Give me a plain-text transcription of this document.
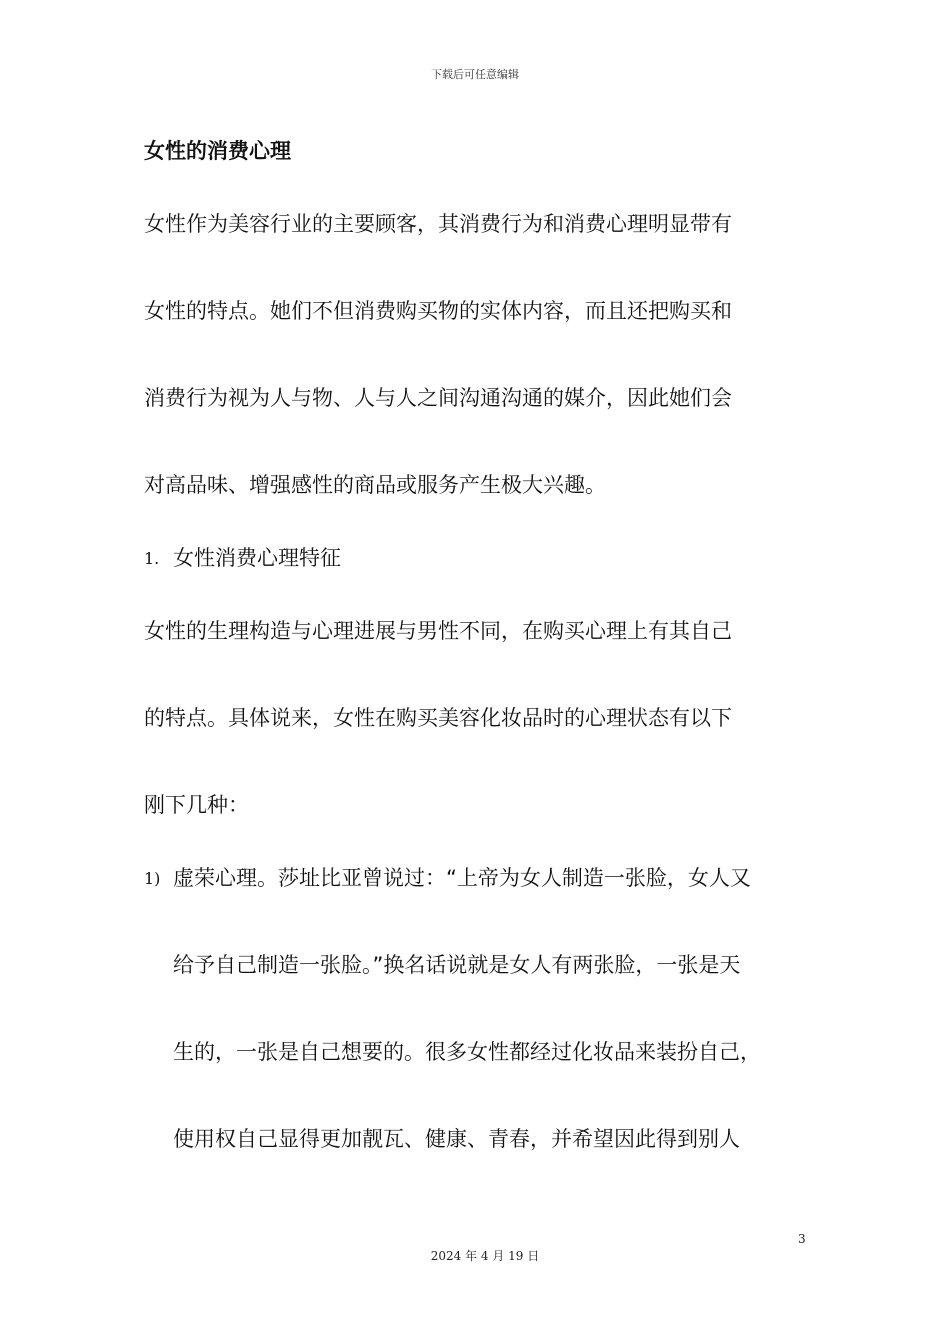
下载后可任意编辑
女性的消费心理

女性作为美容行业的主要顾客，其消费行为和消费心理明显带有

女性的特点。她们不但消费购买物的实体内容，而且还把购买和

消费行为视为人与物、人与人之间沟通沟通的媒介，因此她们会

对高品味、增强感性的商品或服务产生极大兴趣。

1. 女性消费心理特征

女性的生理构造与心理进展与男性不同，在购买心理上有其自己

的特点。具体说来，女性在购买美容化妆品时的心理状态有以下

刚下几种：

1) 虚荣心理。莎址比亚曾说过：“上帝为女人制造一张脸，女人又

给予自己制造一张脸。”换名话说就是女人有两张脸，一张是天

生的，一张是自己想要的。很多女性都经过化妆品来装扮自己，

使用权自己显得更加靓瓦、健康、青春，并希望因此得到别人

3
2024 年 4 月 19 日
